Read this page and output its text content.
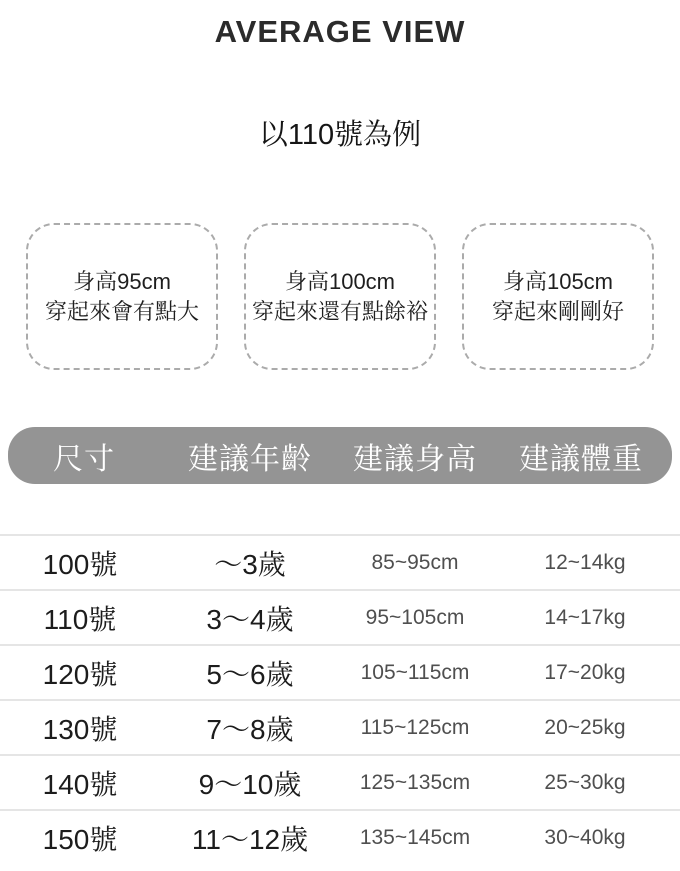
AVERAGE VIEW
以110號為例
身高95cm
穿起來會有點大
身高100cm
穿起來還有點餘裕
身高105cm
穿起來剛剛好
尺寸	建議年齡	建議身高	建議體重
100號	～3歲	85~95cm	12~14kg
110號	3～4歲	95~105cm	14~17kg
120號	5～6歲	105~115cm	17~20kg
130號	7～8歲	115~125cm	20~25kg
140號	9～10歲	125~135cm	25~30kg
150號	11～12歲	135~145cm	30~40kg
